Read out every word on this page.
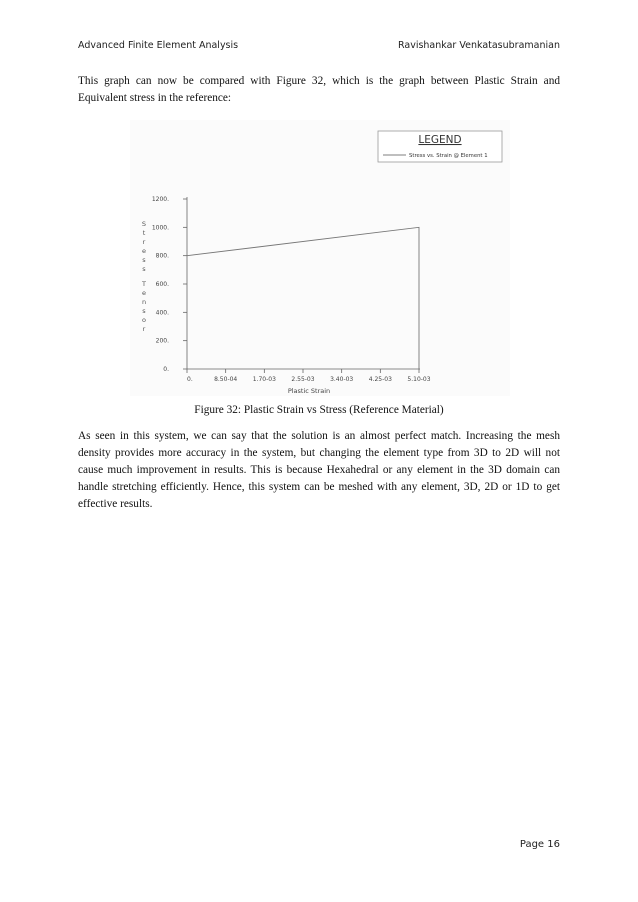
Advanced Finite Element Analysis	Ravishankar Venkatasubramanian

This graph can now be compared with Figure 32, which is the graph between Plastic Strain and Equivalent stress in the reference:

LEGEND
Stress vs. Strain @ Element 1
S
t
r
e
s
s
T
e
n
s
o
r
0.
200.
400.
600.
800.
1000.
1200.
0.	8.50-04	1.70-03	2.55-03	3.40-03	4.25-03	5.10-03
Plastic Strain
Figure 32: Plastic Strain vs Stress (Reference Material)

As seen in this system, we can say that the solution is an almost perfect match. Increasing the mesh density provides more accuracy in the system, but changing the element type from 3D to 2D will not cause much improvement in results. This is because Hexahedral or any element in the 3D domain can handle stretching efficiently. Hence, this system can be meshed with any element, 3D, 2D or 1D to get effective results.

Page 16
